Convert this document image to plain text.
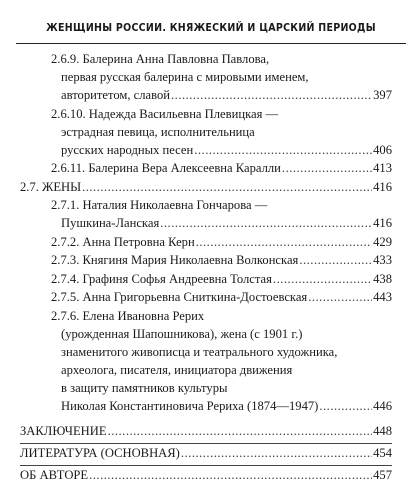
ЖЕНЩИНЫ РОССИИ. КНЯЖЕСКИЙ И ЦАРСКИЙ ПЕРИОДЫ
2.6.9. Балерина Анна Павловна Павлова,
первая русская балерина с мировыми именем,
авторитетом, славой .....	397
2.6.10. Надежда Васильевна Плевицкая —
эстрадная певица, исполнительница
русских народных песен .....	406
2.6.11. Балерина Вера Алексеевна Каралли .....	413
2.7. ЖЕНЫ .....	416
2.7.1. Наталия Николаевна Гончарова —
Пушкина-Ланская .....	416
2.7.2. Анна Петровна Керн .....	429
2.7.3. Княгиня Мария Николаевна Волконская .....	433
2.7.4. Графиня Софья Андреевна Толстая .....	438
2.7.5. Анна Григорьевна Сниткина-Достоевская .....	443
2.7.6. Елена Ивановна Рерих
(урожденная Шапошникова), жена (с 1901 г.)
знаменитого живописца и театрального художника,
археолога, писателя, инициатора движения
в защиту памятников культуры
Николая Константиновича Рериха (1874—1947) .....	446
ЗАКЛЮЧЕНИЕ .....	448
ЛИТЕРАТУРА (ОСНОВНАЯ) .....	454
ОБ АВТОРЕ .....	457
